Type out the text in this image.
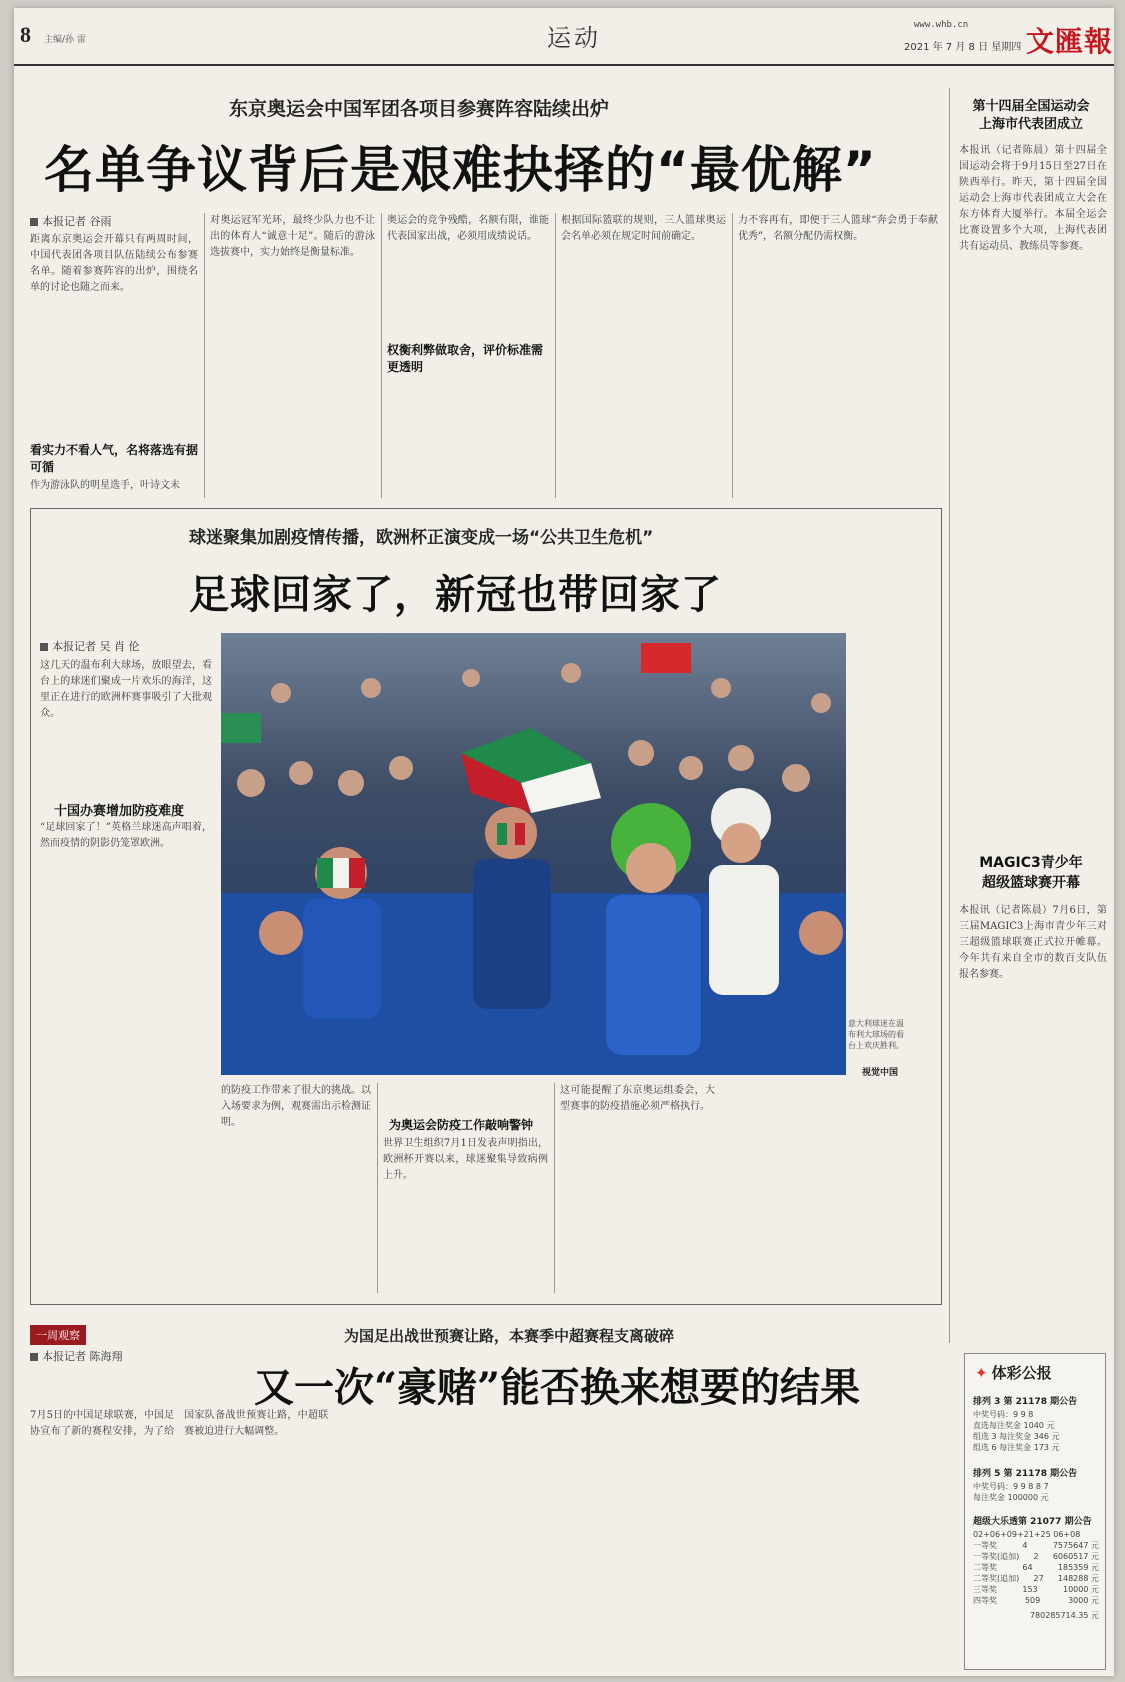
8 主编/孙 雷	运动	www.whb.cn
2021 年 7 月 8 日 星期四 文匯報
东京奥运会中国军团各项目参赛阵容陆续出炉
名单争议背后是艰难抉择的“最优解”
本报记者 谷雨
距离东京奥运会开幕只有两周时间，中国代表团各项目队伍陆续公布参赛名单。随着参赛阵容的出炉，围绕名单的讨论也随之而来。
看实力不看人气，名将落选有据可循
作为游泳队的明星选手，叶诗文未
对奥运冠军光环，最终少队力也不让出的体育人“诚意十足”。随后的游泳选拔赛中，实力始终是衡量标准。
奥运会的竞争残酷，名额有限，谁能代表国家出战，必须用成绩说话。
权衡利弊做取舍，评价标准需更透明
根据国际篮联的规则，三人篮球奥运会名单必须在规定时间前确定。
力不容再有，即便于三人篮球“奔会勇于奉献优秀”，名额分配仍需权衡。
第十四届全国运动会
上海市代表团成立
本报讯（记者陈晨）第十四届全国运动会将于9月15日至27日在陕西举行。昨天，第十四届全国运动会上海市代表团成立大会在东方体育大厦举行。本届全运会比赛设置多个大项，上海代表团共有运动员、教练员等参赛。
球迷聚集加剧疫情传播，欧洲杯正演变成一场“公共卫生危机”
足球回家了，新冠也带回家了
本报记者 吴 肖 伦
这几天的温布利大球场，放眼望去，看台上的球迷们聚成一片欢乐的海洋，这里正在进行的欧洲杯赛事吸引了大批观众。
十国办赛增加防疫难度
“足球回家了！”英格兰球迷高声唱着，然而疫情的阴影仍笼罩欧洲。
意大利球迷在温布利大球场的看台上欢庆胜利。
视觉中国
的防疫工作带来了很大的挑战。以入场要求为例，观赛需出示检测证明。	为奥运会防疫工作敲响警钟
世界卫生组织7月1日发表声明指出，欧洲杯开赛以来，球迷聚集导致病例上升。
这可能提醒了东京奥运组委会，大型赛事的防疫措施必须严格执行。
MAGIC3青少年
超级篮球赛开幕
本报讯（记者陈晨）7月6日，第三届MAGIC3上海市青少年三对三超级篮球联赛正式拉开帷幕。今年共有来自全市的数百支队伍报名参赛。
一周观察	为国足出战世预赛让路，本赛季中超赛程支离破碎
又一次“豪赌”能否换来想要的结果
本报记者 陈海翔
7月5日的中国足球联赛，中国足协宣布了新的赛程安排，为了给国家队备战世预赛让路，中超联赛被迫进行大幅调整。
✦ 体彩公报
排列 3 第 21178 期公告
中奖号码：9 9 8
直选每注奖金 1040 元
组选 3 每注奖金 346 元
组选 6 每注奖金 173 元
排列 5 第 21178 期公告
中奖号码：9 9 8 8 7
每注奖金 100000 元
超级大乐透第 21077 期公告
02+06+09+21+25 06+08
一等奖	4	7575647 元
一等奖(追加) 2 6060517 元
二等奖	64	185359 元
二等奖(追加) 27 148288 元
三等奖	153	10000 元
四等奖	509	3000 元
780285714.35 元
